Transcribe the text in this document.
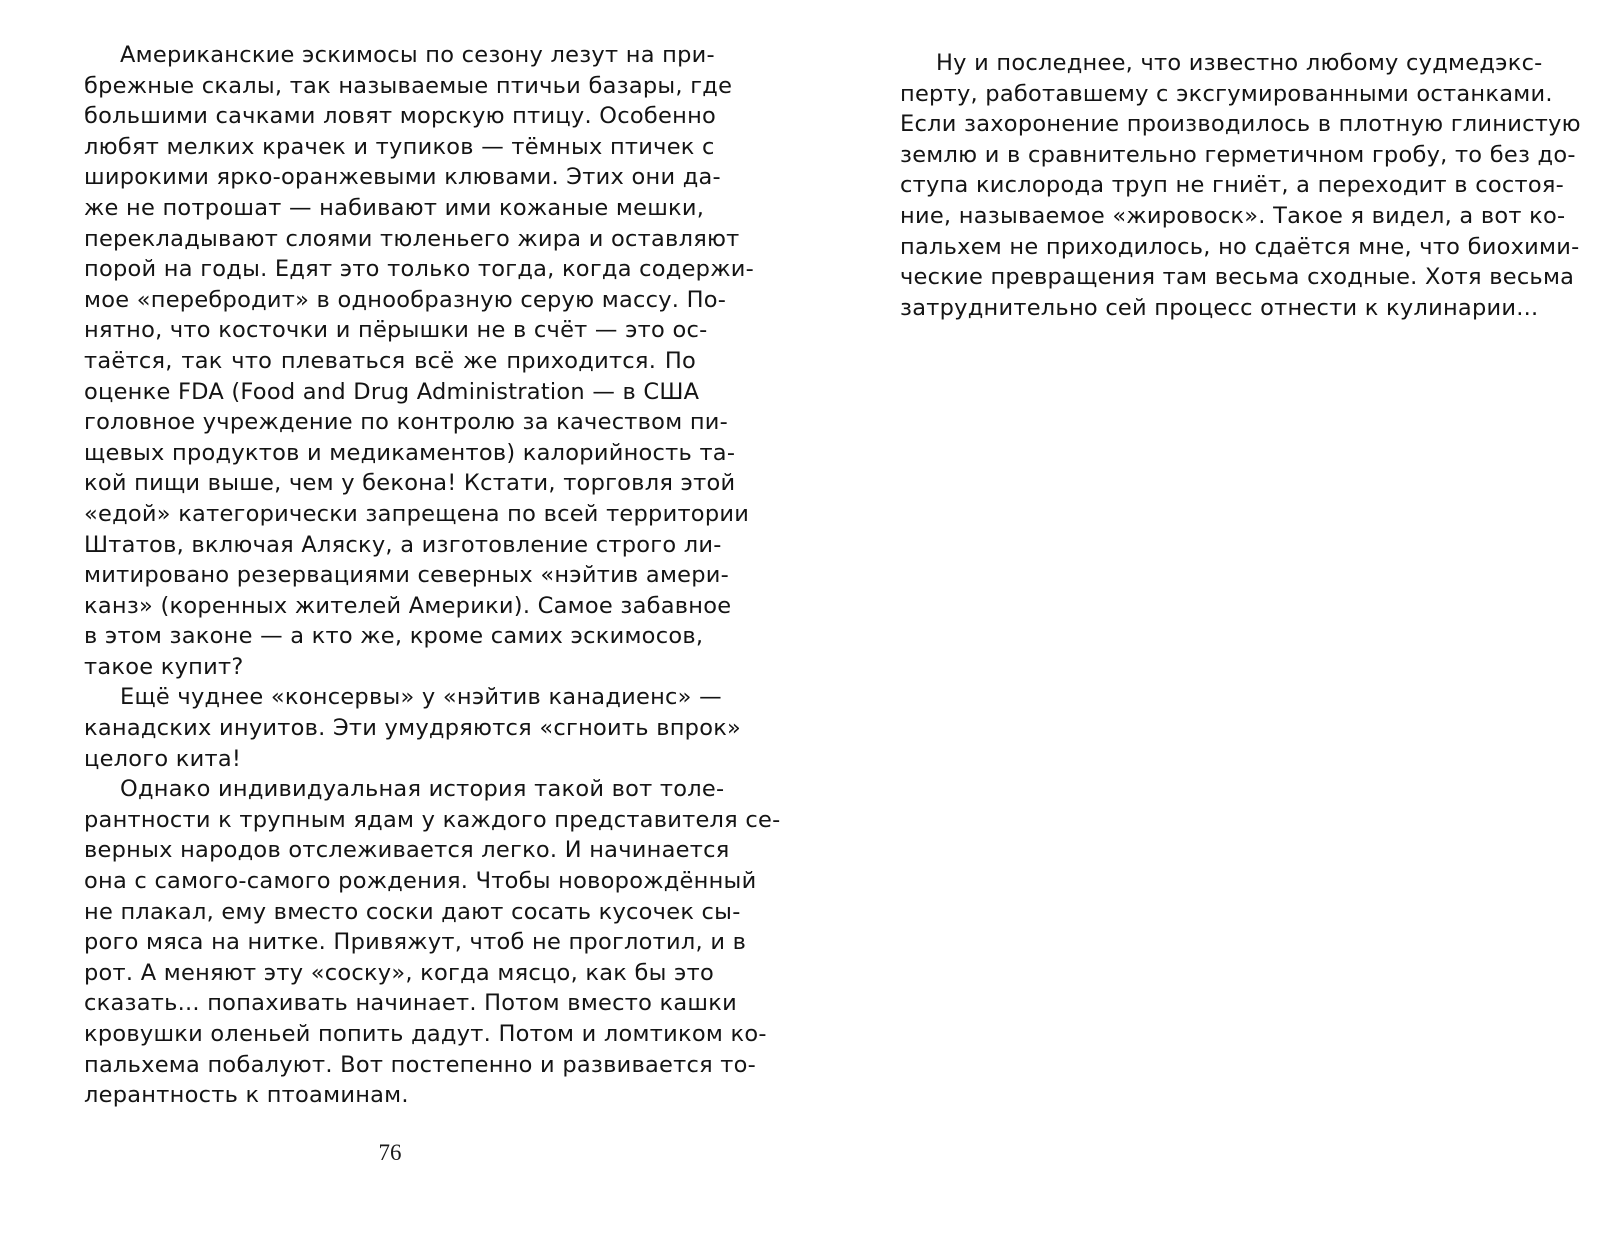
Американские эскимосы по сезону лезут на при-
брежные скалы, так называемые птичьи базары, где
большими сачками ловят морскую птицу. Особенно
любят мелких крачек и тупиков — тёмных птичек с
широкими ярко-оранжевыми клювами. Этих они да-
же не потрошат — набивают ими кожаные мешки,
перекладывают слоями тюленьего жира и оставляют
порой на годы. Едят это только тогда, когда содержи-
мое «перебродит» в однообразную серую массу. По-
нятно, что косточки и пёрышки не в счёт — это ос-
таётся, так что плеваться всё же приходится. По
оценке FDA (Food and Drug Administration — в США
головное учреждение по контролю за качеством пи-
щевых продуктов и медикаментов) калорийность та-
кой пищи выше, чем у бекона! Кстати, торговля этой
«едой» категорически запрещена по всей территории
Штатов, включая Аляску, а изготовление строго ли-
митировано резервациями северных «нэйтив амери-
канз» (коренных жителей Америки). Самое забавное
в этом законе — а кто же, кроме самих эскимосов,
такое купит?
Ещё чуднее «консервы» у «нэйтив канадиенс» —
канадских инуитов. Эти умудряются «сгноить впрок»
целого кита!
Однако индивидуальная история такой вот толе-
рантности к трупным ядам у каждого представителя се-
верных народов отслеживается легко. И начинается
она с самого-самого рождения. Чтобы новорождённый
не плакал, ему вместо соски дают сосать кусочек сы-
рого мяса на нитке. Привяжут, чтоб не проглотил, и в
рот. А меняют эту «соску», когда мясцо, как бы это
сказать... попахивать начинает. Потом вместо кашки
кровушки оленьей попить дадут. Потом и ломтиком ко-
пальхема побалуют. Вот постепенно и развивается то-
лерантность к птоаминам.
76
Ну и последнее, что известно любому судмедэкс-
перту, работавшему с эксгумированными останками.
Если захоронение производилось в плотную глинистую
землю и в сравнительно герметичном гробу, то без до-
ступа кислорода труп не гниёт, а переходит в состоя-
ние, называемое «жировоск». Такое я видел, а вот ко-
пальхем не приходилось, но сдаётся мне, что биохими-
ческие превращения там весьма сходные. Хотя весьма
затруднительно сей процесс отнести к кулинарии...
